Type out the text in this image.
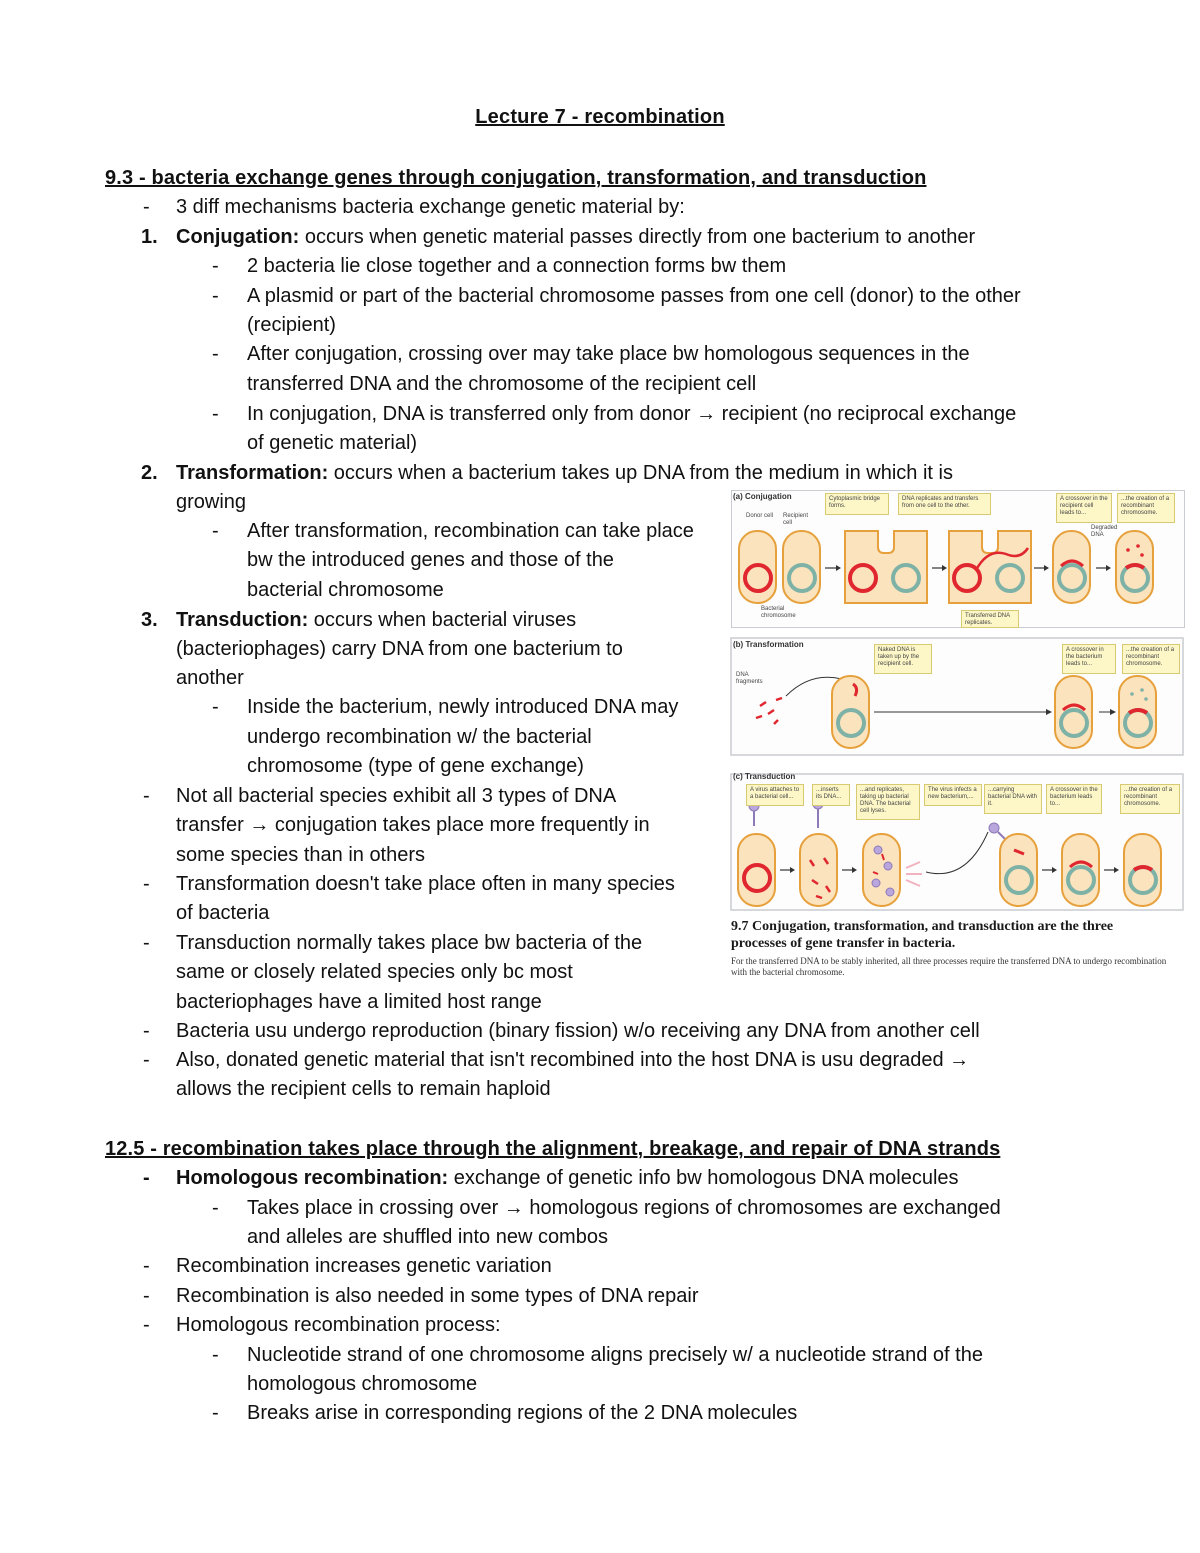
Lecture 7 - recombination
9.3 - bacteria exchange genes through conjugation, transformation, and transduction
- 3 diff mechanisms bacteria exchange genetic material by:
1. Conjugation: occurs when genetic material passes directly from one bacterium to another
- 2 bacteria lie close together and a connection forms bw them
- A plasmid or part of the bacterial chromosome passes from one cell (donor) to the other
(recipient)
- After conjugation, crossing over may take place bw homologous sequences in the
transferred DNA and the chromosome of the recipient cell
- In conjugation, DNA is transferred only from donor → recipient (no reciprocal exchange
of genetic material)
2. Transformation: occurs when a bacterium takes up DNA from the medium in which it is
growing
- After transformation, recombination can take place
bw the introduced genes and those of the
bacterial chromosome
3. Transduction: occurs when bacterial viruses
(bacteriophages) carry DNA from one bacterium to
another
- Inside the bacterium, newly introduced DNA may
undergo recombination w/ the bacterial
chromosome (type of gene exchange)
- Not all bacterial species exhibit all 3 types of DNA
transfer → conjugation takes place more frequently in
some species than in others
- Transformation doesn't take place often in many species
of bacteria
- Transduction normally takes place bw bacteria of the
same or closely related species only bc most
bacteriophages have a limited host range
- Bacteria usu undergo reproduction (binary fission) w/o receiving any DNA from another cell
- Also, donated genetic material that isn't recombined into the host DNA is usu degraded →
allows the recipient cells to remain haploid
12.5 - recombination takes place through the alignment, breakage, and repair of DNA strands
- Homologous recombination: exchange of genetic info bw homologous DNA molecules
- Takes place in crossing over → homologous regions of chromosomes are exchanged
and alleles are shuffled into new combos
- Recombination increases genetic variation
- Recombination is also needed in some types of DNA repair
- Homologous recombination process:
- Nucleotide strand of one chromosome aligns precisely w/ a nucleotide strand of the
homologous chromosome
- Breaks arise in corresponding regions of the 2 DNA molecules
(a) Conjugation
Donor cell	Recipient cell
Bacterial chromosome
Degraded DNA
Transferred DNA replicates.
Cytoplasmic bridge forms.
DNA replicates and transfers from one cell to the other.
A crossover in the recipient cell leads to...
...the creation of a recombinant chromosome.
(b) Transformation
DNA fragments
Naked DNA is taken up by the recipient cell.
A crossover in the bacterium leads to...
...the creation of a recombinant chromosome.
(c) Transduction
A virus attaches to a bacterial cell...
...inserts its DNA...
...and replicates, taking up bacterial DNA. The bacterial cell lyses.
The virus infects a new bacterium,...
...carrying bacterial DNA with it.
A crossover in the bacterium leads to...
...the creation of a recombinant chromosome.
9.7 Conjugation, transformation, and transduction are the three processes of gene transfer in bacteria.
For the transferred DNA to be stably inherited, all three processes require the transferred DNA to undergo recombination with the bacterial chromosome.
